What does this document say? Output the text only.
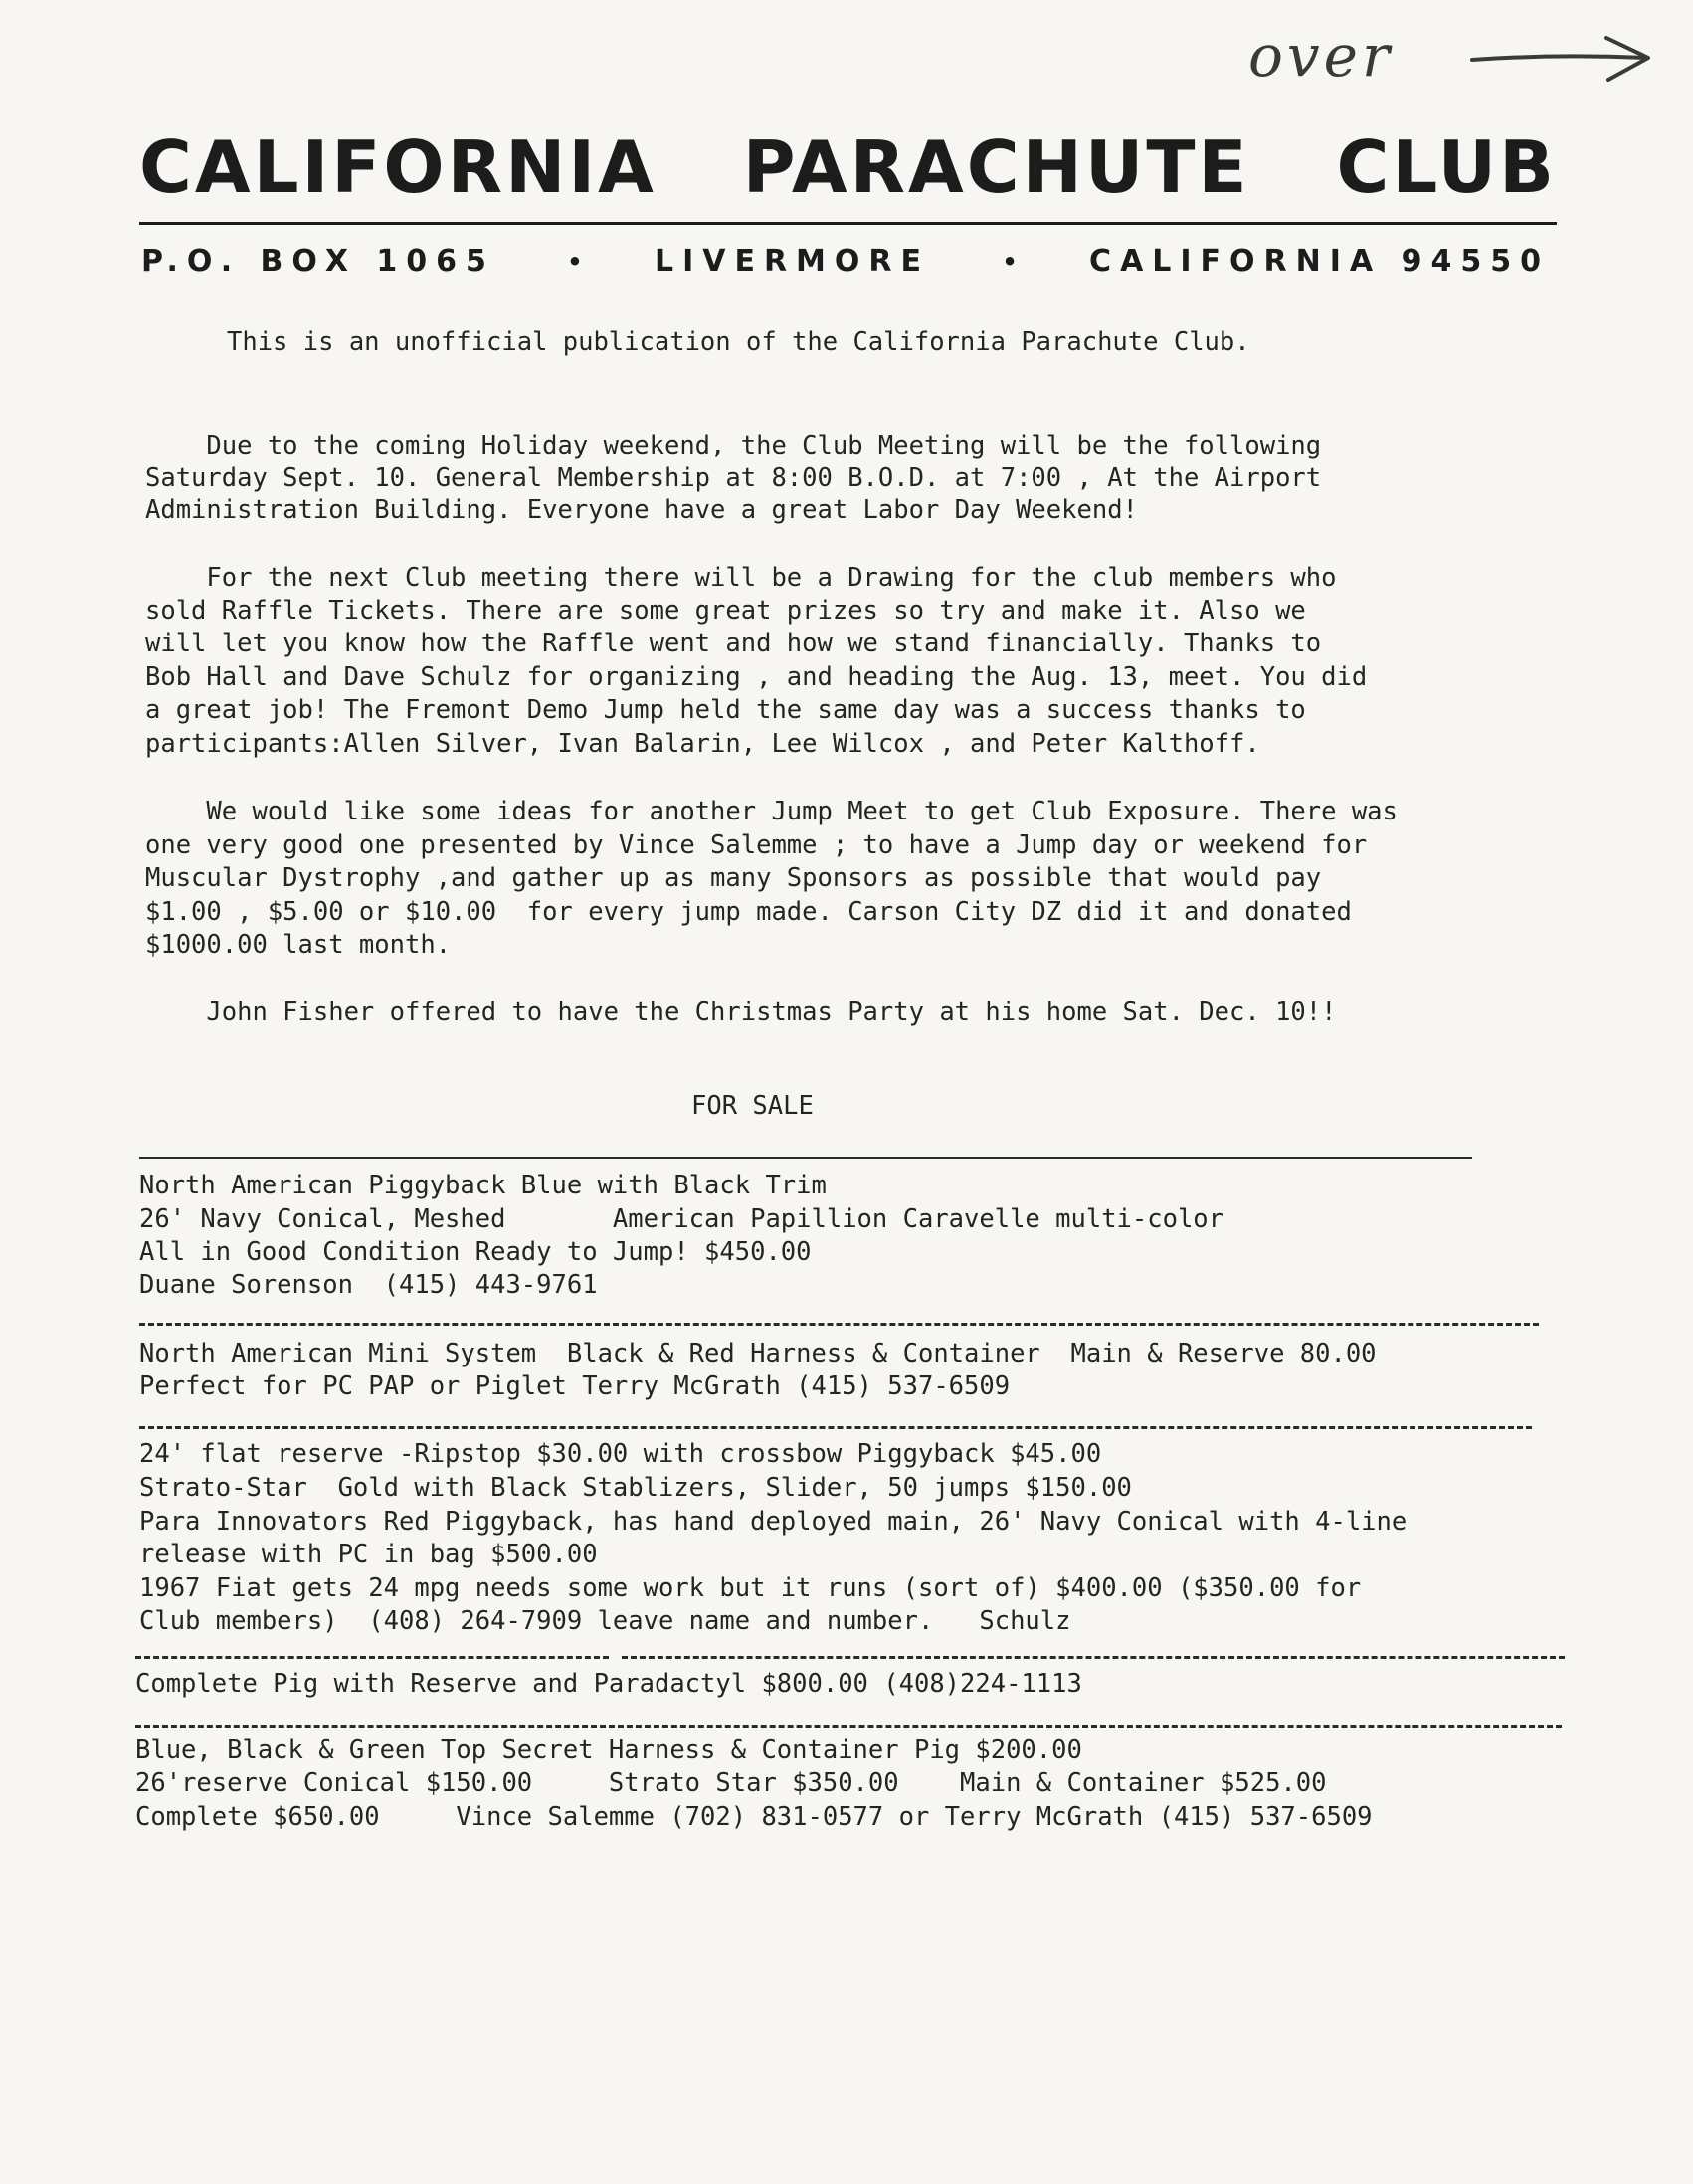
over
CALIFORNIA PARACHUTE CLUB
P.O. BOX 1065	• LIVERMORE	• CALIFORNIA 94550
This is an unofficial publication of the California Parachute Club.
Due to the coming Holiday weekend, the Club Meeting will be the following
Saturday Sept. 10. General Membership at 8:00 B.O.D. at 7:00 , At the Airport
Administration Building. Everyone have a great Labor Day Weekend!
For the next Club meeting there will be a Drawing for the club members who
sold Raffle Tickets. There are some great prizes so try and make it. Also we
will let you know how the Raffle went and how we stand financially. Thanks to
Bob Hall and Dave Schulz for organizing , and heading the Aug. 13, meet. You did
a great job! The Fremont Demo Jump held the same day was a success thanks to
participants:Allen Silver, Ivan Balarin, Lee Wilcox , and Peter Kalthoff.
We would like some ideas for another Jump Meet to get Club Exposure. There was
one very good one presented by Vince Salemme ; to have a Jump day or weekend for
Muscular Dystrophy ,and gather up as many Sponsors as possible that would pay
$1.00 , $5.00 or $10.00  for every jump made. Carson City DZ did it and donated
$1000.00 last month.
John Fisher offered to have the Christmas Party at his home Sat. Dec. 10!!
FOR SALE
North American Piggyback Blue with Black Trim
26' Navy Conical, Meshed       American Papillion Caravelle multi-color
All in Good Condition Ready to Jump! $450.00
Duane Sorenson  (415) 443-9761
North American Mini System  Black & Red Harness & Container  Main & Reserve 80.00
Perfect for PC PAP or Piglet Terry McGrath (415) 537-6509
24' flat reserve -Ripstop $30.00 with crossbow Piggyback $45.00
Strato-Star  Gold with Black Stablizers, Slider, 50 jumps $150.00
Para Innovators Red Piggyback, has hand deployed main, 26' Navy Conical with 4-line
release with PC in bag $500.00
1967 Fiat gets 24 mpg needs some work but it runs (sort of) $400.00 ($350.00 for
Club members)  (408) 264-7909 leave name and number.   Schulz
Complete Pig with Reserve and Paradactyl $800.00 (408)224-1113
Blue, Black & Green Top Secret Harness & Container Pig $200.00
26'reserve Conical $150.00     Strato Star $350.00    Main & Container $525.00
Complete $650.00     Vince Salemme (702) 831-0577 or Terry McGrath (415) 537-6509
